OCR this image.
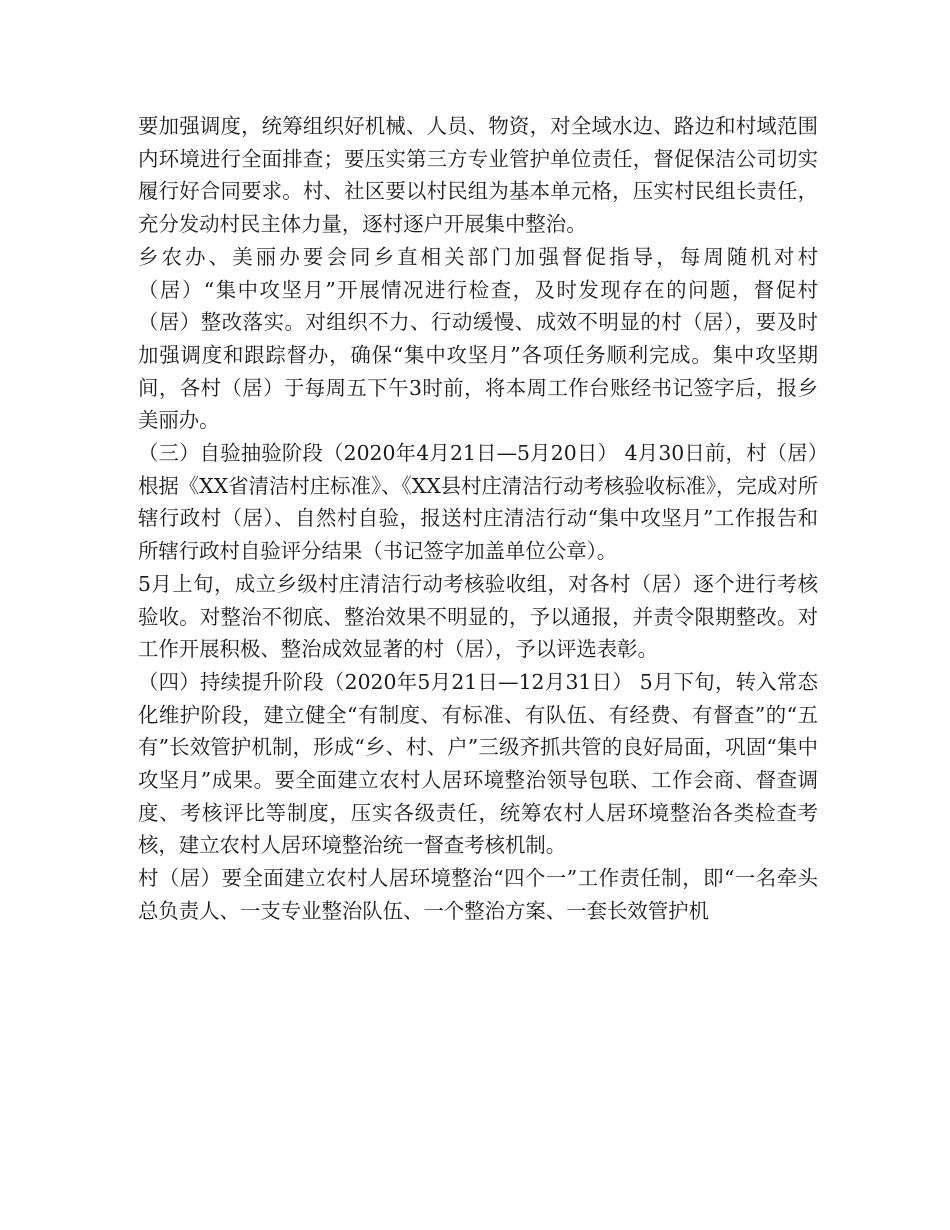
要加强调度，统筹组织好机械、人员、物资，对全域水边、路边和村域范围内环境进行全面排查；要压实第三方专业管护单位责任，督促保洁公司切实履行好合同要求。村、社区要以村民组为基本单元格，压实村民组长责任，充分发动村民主体力量，逐村逐户开展集中整治。

乡农办、美丽办要会同乡直相关部门加强督促指导，每周随机对村（居）“集中攻坚月”开展情况进行检查，及时发现存在的问题，督促村（居）整改落实。对组织不力、行动缓慢、成效不明显的村（居），要及时加强调度和跟踪督办，确保“集中攻坚月”各项任务顺利完成。集中攻坚期间，各村（居）于每周五下午3时前，将本周工作台账经书记签字后，报乡美丽办。

（三）自验抽验阶段（2020年4月21日—5月20日） 4月30日前，村（居）根据《XX省清洁村庄标准》、《XX县村庄清洁行动考核验收标准》，完成对所辖行政村（居）、自然村自验，报送村庄清洁行动“集中攻坚月”工作报告和所辖行政村自验评分结果（书记签字加盖单位公章）。

5月上旬，成立乡级村庄清洁行动考核验收组，对各村（居）逐个进行考核验收。对整治不彻底、整治效果不明显的，予以通报，并责令限期整改。对工作开展积极、整治成效显著的村（居），予以评选表彰。

（四）持续提升阶段（2020年5月21日—12月31日） 5月下旬，转入常态化维护阶段，建立健全“有制度、有标准、有队伍、有经费、有督查”的“五有”长效管护机制，形成“乡、村、户”三级齐抓共管的良好局面，巩固“集中攻坚月”成果。要全面建立农村人居环境整治领导包联、工作会商、督查调度、考核评比等制度，压实各级责任，统筹农村人居环境整治各类检查考核，建立农村人居环境整治统一督查考核机制。

村（居）要全面建立农村人居环境整治“四个一”工作责任制，即“一名牵头总负责人、一支专业整治队伍、一个整治方案、一套长效管护机
